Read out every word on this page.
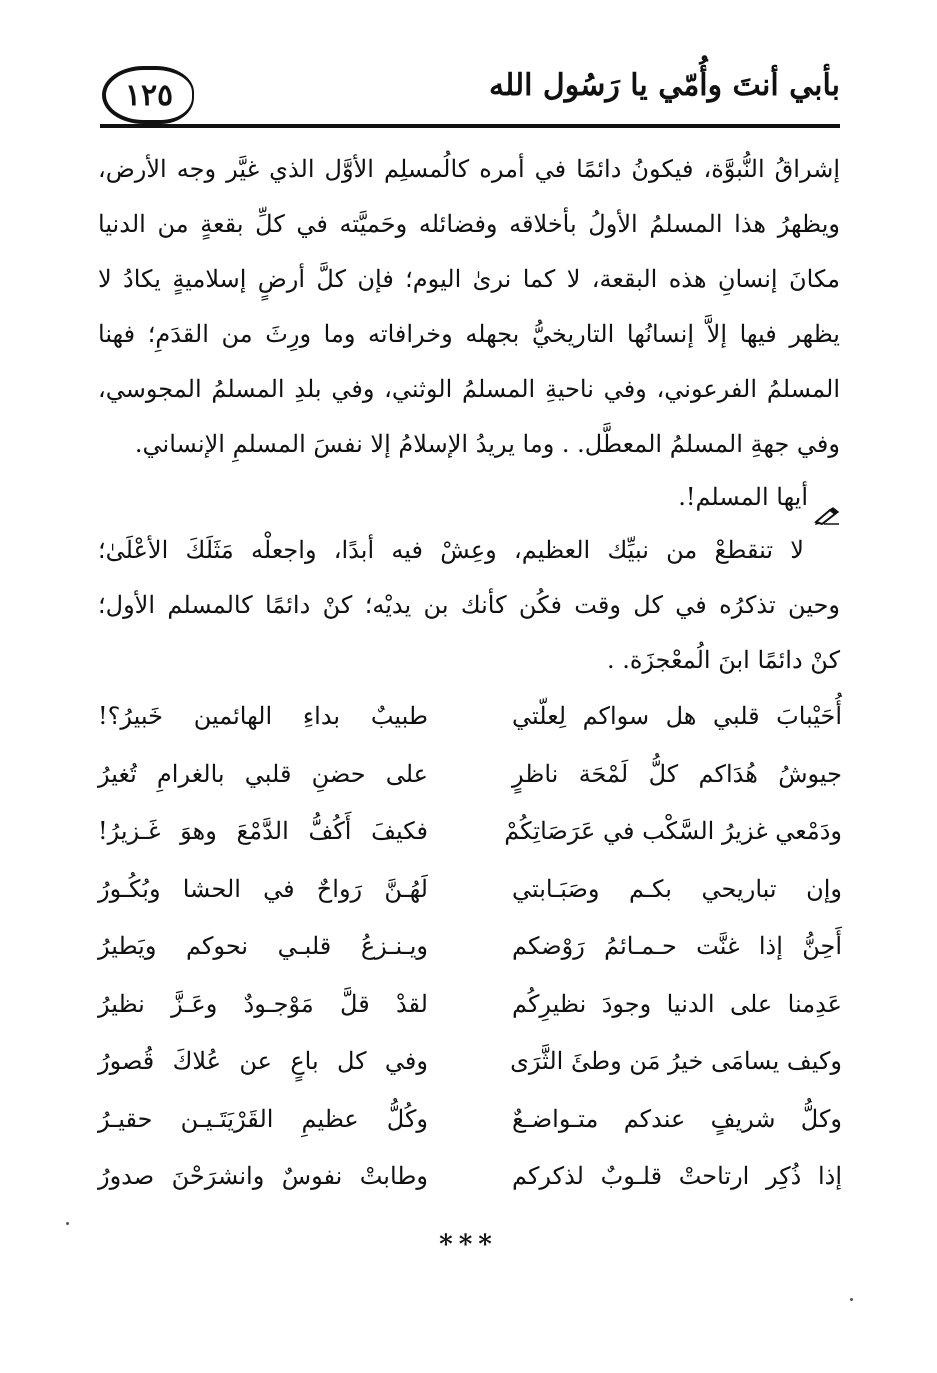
١٢٥	بأبي أنتَ وأُمّي يا رَسُول الله
إشراقُ النُّبوَّة، فيكونُ دائمًا في أمره كالُمسلِم الأوَّل الذي غيَّر وجه الأرض،
ويظهرُ هذا المسلمُ الأولُ بأخلاقه وفضائله وحَميَّته في كلِّ بقعةٍ من الدنيا
مكانَ إنسانِ هذه البقعة، لا كما نرىٰ اليوم؛ فإن كلَّ أرضٍ إسلاميةٍ يكادُ لا
يظهر فيها إلاَّ إنسانُها التاريخيُّ بجهله وخرافاته وما ورِثَ من القدَمِ؛ فهنا
المسلمُ الفرعوني، وفي ناحيةِ المسلمُ الوثني، وفي بلدِ المسلمُ المجوسي،
وفي جهةِ المسلمُ المعطَّل. . وما يريدُ الإسلامُ إلا نفسَ المسلمِ الإنساني.
أيها المسلم!.
لا تنقطعْ من نبيِّك العظيم، وعِشْ فيه أبدًا، واجعلْه مَثَلَكَ الأعْلَىٰ؛
وحين تذكرُه في كل وقت فكُن كأنك بن يديْه؛ كنْ دائمًا كالمسلم الأول؛
كنْ دائمًا ابنَ الُمعْجزَة. .
أُحَيْبابَ قلبي هل سواكم لِعلّتي
طبيبٌ بداءِ الهائمين خَبيرُ؟!
جيوشُ هُدَاكم كلُّ لَمْحَة ناظرٍ
على حضنِ قلبي بالغرامِ تُغيرُ
ودَمْعي غزيرُ السَّكْب في عَرَصَاتِكُمْ
فكيفَ أَكُفُّ الدَّمْعَ وهوَ غَـزيرُ!
وإن تباريحي بكـم وصَبَـابتي
لَهُـنَّ رَواحٌ في الحشا وبُكُـورُ
أَحِنُّ إذا غنَّت حـمـائمُ رَوْضكم
ويـنـزعُ قلبـي نحوكم ويَطيرُ
عَدِمنا على الدنيا وجودَ نظيرِكُم
لقدْ قلَّ مَوْجـودٌ وعَـزَّ نظيرُ
وكيف يسامَى خيرُ مَن وطئَ الثَّرَى
وفي كل باعٍ عن عُلاكَ قُصورُ
وكلُّ شريفٍ عندكم متـواضـعٌ
وكُلُّ عظيمِ القَرْيَتَـيـن حقيـرُ
إذا ذُكِر ارتاحتْ قلـوبٌ لذكركم
وطابتْ نفوسٌ وانشرَحْنَ صدورُ
***
